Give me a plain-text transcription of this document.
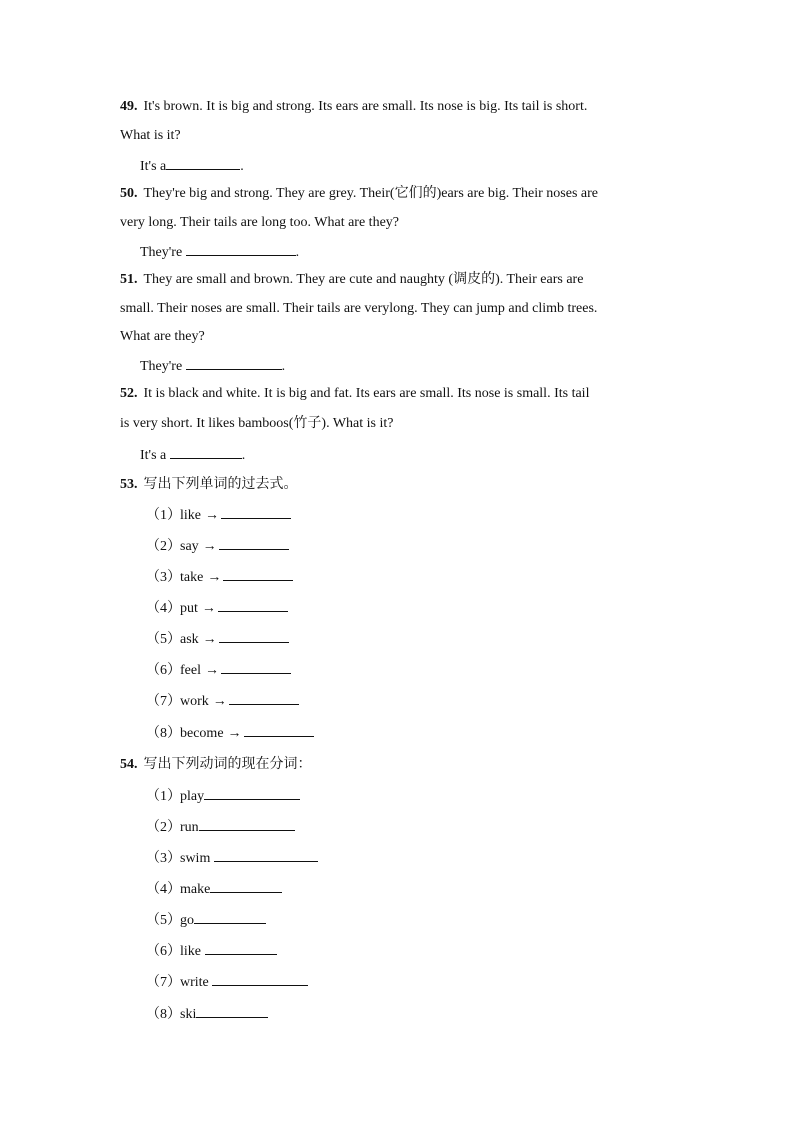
49. It's brown. It is big and strong. Its ears are small. Its nose is big. Its tail is short.
What is it?
It's a	.
50. They're big and strong. They are grey. Their(它们的)ears are big. Their noses are
very long. Their tails are long too. What are they?
They're	.
51. They are small and brown. They are cute and naughty (调皮的). Their ears are
small. Their noses are small. Their tails are verylong. They can jump and climb trees.
What are they?
They're	.
52. It is black and white. It is big and fat. Its ears are small. Its nose is small. Its tail
is very short. It likes bamboos(竹子). What is it?
It's a	.
53. 写出下列单词的过去式。
（1）like →
（2）say →
（3）take →
（4）put →
（5）ask →
（6）feel →
（7）work →
（8）become →
54. 写出下列动词的现在分词：
（1）play
（2）run
（3）swim
（4）make
（5）go
（6）like
（7）write
（8）ski
